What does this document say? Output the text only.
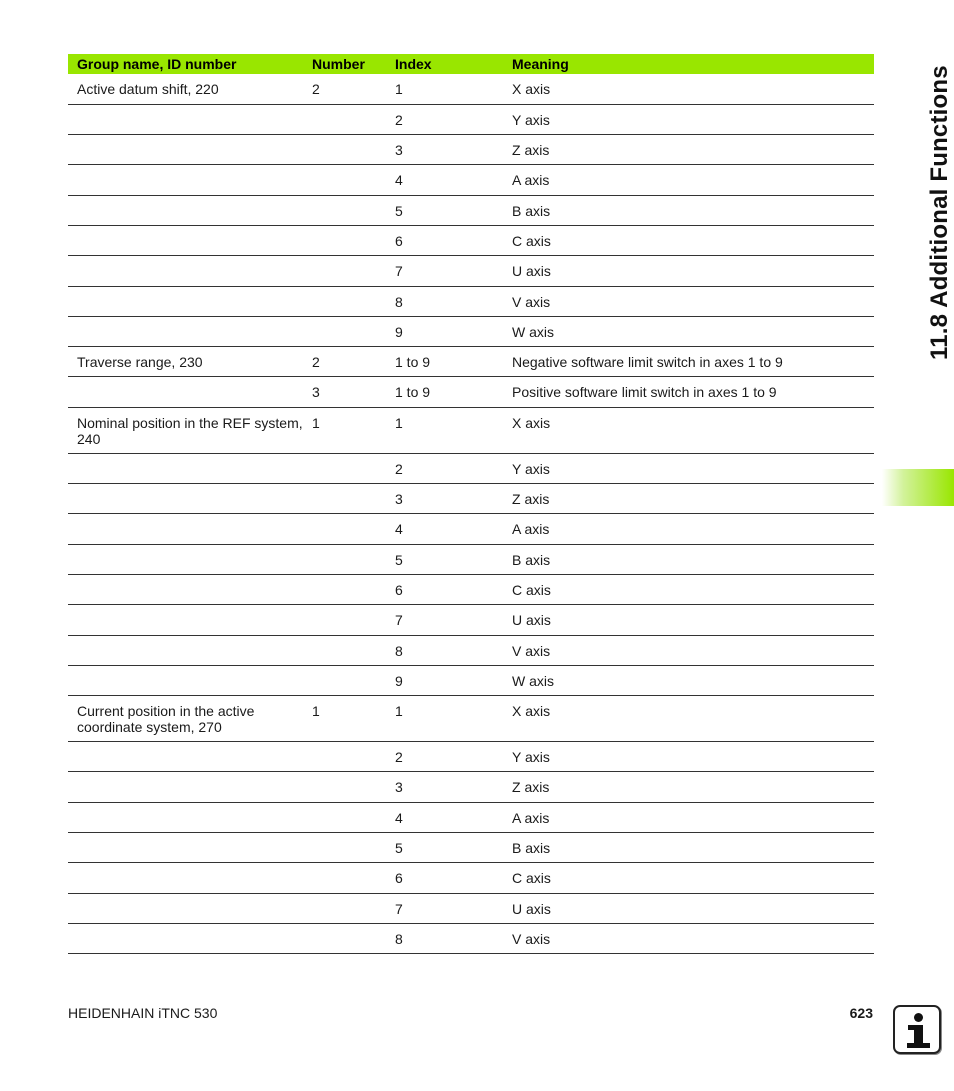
Group name, ID number	Number	Index	Meaning
Active datum shift, 220	2	1	X axis
		2	Y axis
		3	Z axis
		4	A axis
		5	B axis
		6	C axis
		7	U axis
		8	V axis
		9	W axis
Traverse range, 230	2	1 to 9	Negative software limit switch in axes 1 to 9
	3	1 to 9	Positive software limit switch in axes 1 to 9
Nominal position in the REF system, 240	1	1	X axis
		2	Y axis
		3	Z axis
		4	A axis
		5	B axis
		6	C axis
		7	U axis
		8	V axis
		9	W axis
Current position in the active coordinate system, 270	1	1	X axis
		2	Y axis
		3	Z axis
		4	A axis
		5	B axis
		6	C axis
		7	U axis
		8	V axis
11.8 Additional Functions
HEIDENHAIN iTNC 530	623
